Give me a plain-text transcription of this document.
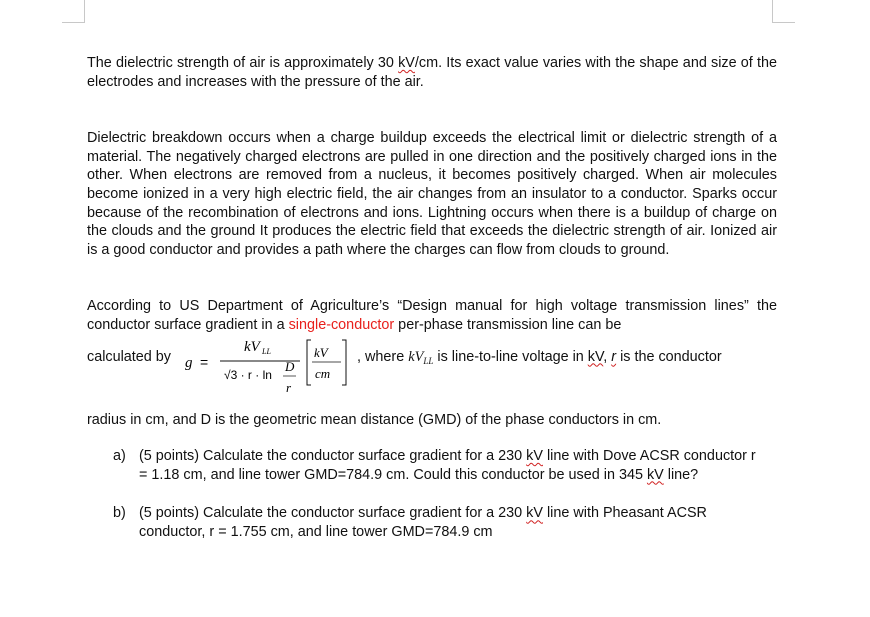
The dielectric strength of air is approximately 30 kV/cm. Its exact value varies with the shape and size of the electrodes and increases with the pressure of the air.

Dielectric breakdown occurs when a charge buildup exceeds the electrical limit or dielectric strength of a material. The negatively charged electrons are pulled in one direction and the positively charged ions in the other. When electrons are removed from a nucleus, it becomes positively charged. When air molecules become ionized in a very high electric field, the air changes from an insulator to a conductor. Sparks occur because of the recombination of electrons and ions. Lightning occurs when there is a buildup of charge on the clouds and the ground It produces the electric field that exceeds the dielectric strength of air. Ionized air is a good conductor and provides a path where the charges can flow from clouds to ground.

According to US Department of Agriculture’s “Design manual for high voltage transmission lines” the conductor surface gradient in a single-conductor per-phase transmission line can be

calculated by g =
kV LL
√3 · r · ln
D
r
kV
cm
, where $kV_{LL}$ is line-to-line voltage in kV, r is the conductor

radius in cm, and D is the geometric mean distance (GMD) of the phase conductors in cm.

a) (5 points) Calculate the conductor surface gradient for a 230 kV line with Dove ACSR conductor r = 1.18 cm, and line tower GMD=784.9 cm. Could this conductor be used in 345 kV line?
b) (5 points) Calculate the conductor surface gradient for a 230 kV line with Pheasant ACSR conductor, r = 1.755 cm, and line tower GMD=784.9 cm
